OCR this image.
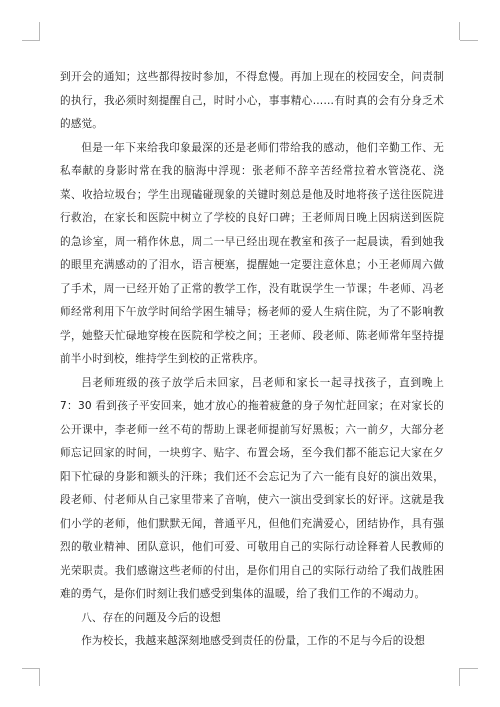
到开会的通知；这些都得按时参加，不得怠慢。再加上现在的校园安全，问责制的执行，我必须时刻提醒自己，时时小心，事事精心……有时真的会有分身乏术的感觉。

但是一年下来给我印象最深的还是老师们带给我的感动，他们辛勤工作、无私奉献的身影时常在我的脑海中浮现：张老师不辞辛苦经常拉着水管浇花、浇菜、收拾垃圾台；学生出现磕碰现象的关键时刻总是他及时地将孩子送往医院进行救治，在家长和医院中树立了学校的良好口碑；王老师周日晚上因病送到医院的急诊室，周一稍作休息，周二一早已经出现在教室和孩子一起晨读，看到她我的眼里充满感动的了泪水，语言梗塞，提醒她一定要注意休息；小王老师周六做了手术，周一已经开始了正常的教学工作，没有耽误学生一节课；牛老师、冯老师经常利用下午放学时间给学困生辅导；杨老师的爱人生病住院，为了不影响教学，她整天忙碌地穿梭在医院和学校之间；王老师、段老师、陈老师常年坚持提前半小时到校，维持学生到校的正常秩序。

吕老师班级的孩子放学后未回家，吕老师和家长一起寻找孩子，直到晚上 7：30 看到孩子平安回来，她才放心的拖着疲惫的身子匆忙赶回家；在对家长的公开课中，李老师一丝不苟的帮助上课老师提前写好黑板；六一前夕，大部分老师忘记回家的时间，一块剪字、贴字、布置会场，至今我们都不能忘记大家在夕阳下忙碌的身影和额头的汗珠；我们还不会忘记为了六一能有良好的演出效果，段老师、付老师从自己家里带来了音响，使六一演出受到家长的好评。这就是我们小学的老师，他们默默无闻，普通平凡，但他们充满爱心，团结协作，具有强烈的敬业精神、团队意识，他们可爱、可敬用自己的实际行动诠释着人民教师的光荣职责。我们感谢这些老师的付出，是你们用自己的实际行动给了我们战胜困难的勇气，是你们时刻让我们感受到集体的温暖，给了我们工作的不竭动力。

八、存在的问题及今后的设想

作为校长，我越来越深刻地感受到责任的份量，工作的不足与今后的设想
